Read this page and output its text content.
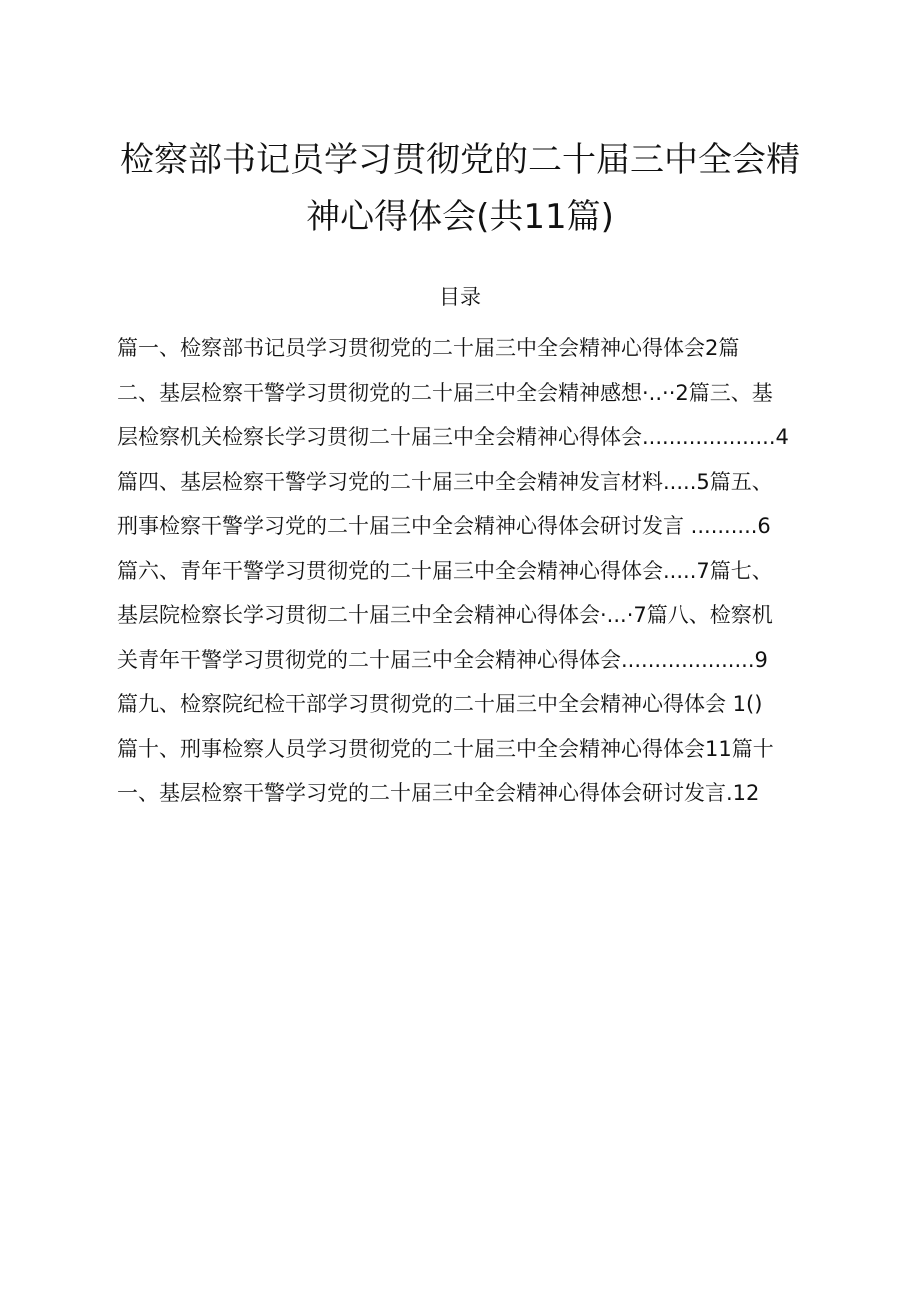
检察部书记员学习贯彻党的二十届三中全会精
神心得体会(共11篇)
目录
篇一、检察部书记员学习贯彻党的二十届三中全会精神心得体会2篇
二、基层检察干警学习贯彻党的二十届三中全会精神感想·..··2篇三、基
层检察机关检察长学习贯彻二十届三中全会精神心得体会....................4
篇四、基层检察干警学习党的二十届三中全会精神发言材料.....5篇五、
刑事检察干警学习党的二十届三中全会精神心得体会研讨发言 ..........6
篇六、青年干警学习贯彻党的二十届三中全会精神心得体会.....7篇七、
基层院检察长学习贯彻二十届三中全会精神心得体会·...·7篇八、检察机
关青年干警学习贯彻党的二十届三中全会精神心得体会....................9
篇九、检察院纪检干部学习贯彻党的二十届三中全会精神心得体会 1()
篇十、刑事检察人员学习贯彻党的二十届三中全会精神心得体会11篇十
一、基层检察干警学习党的二十届三中全会精神心得体会研讨发言.12
